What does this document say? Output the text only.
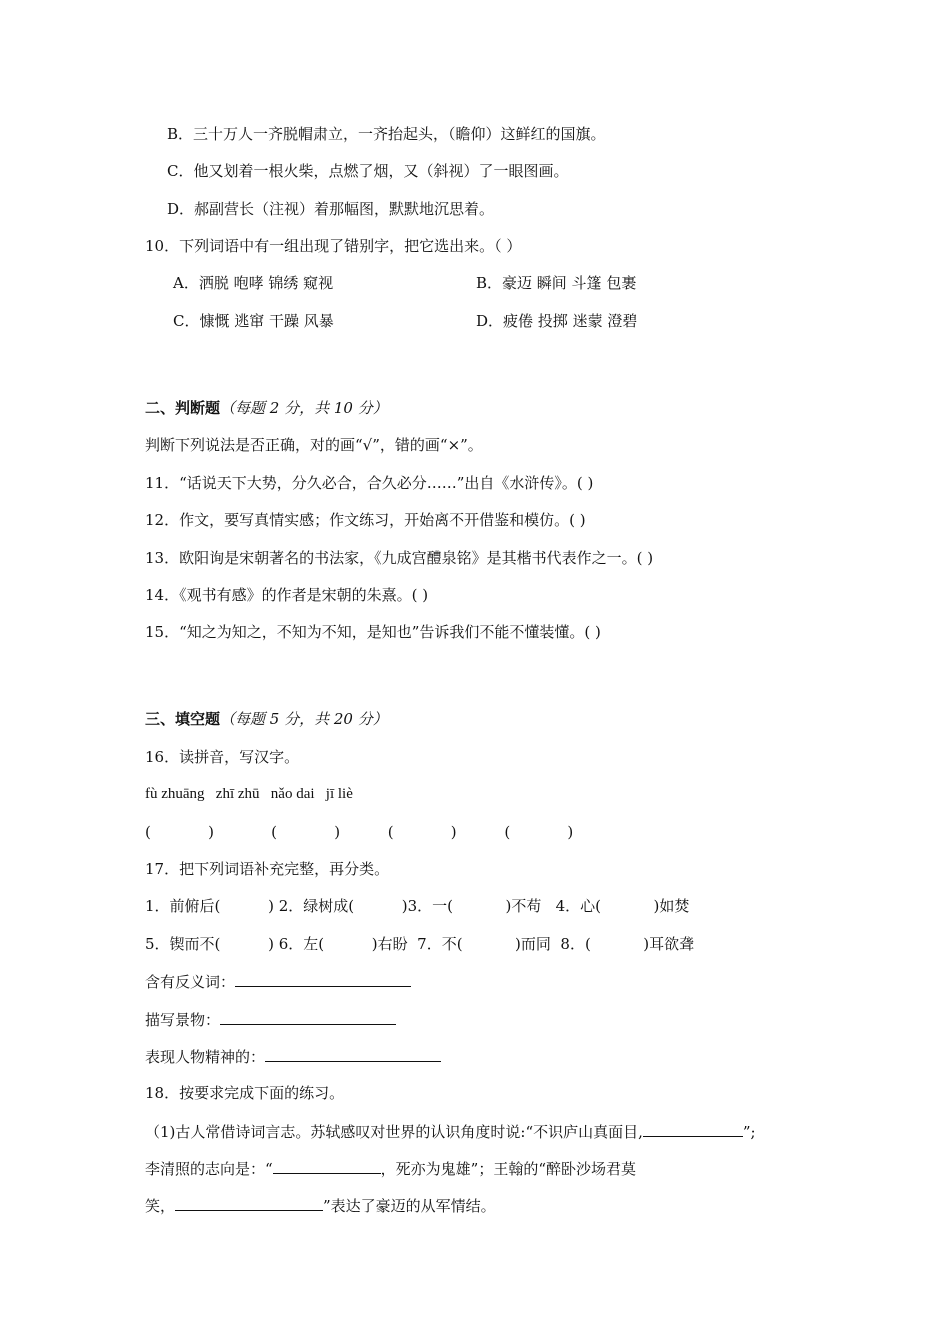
B．三十万人一齐脱帽肃立，一齐抬起头，（瞻仰）这鲜红的国旗。
C．他又划着一根火柴，点燃了烟，又（斜视）了一眼图画。
D．郝副营长（注视）着那幅图，默默地沉思着。
10．下列词语中有一组出现了错别字，把它选出来。（ ）
A．洒脱 咆哮 锦绣 窥视	B．豪迈 瞬间 斗篷 包裹
C．慷慨 逃窜 干躁 风暴	D．疲倦 投掷 迷蒙 澄碧
二、判断题（每题 2 分，共 10 分）
判断下列说法是否正确，对的画“√”，错的画“×”。
11．“话说天下大势，分久必合，合久必分……”出自《水浒传》。( )
12．作文，要写真情实感；作文练习，开始离不开借鉴和模仿。( )
13．欧阳询是宋朝著名的书法家，《九成宫醴泉铭》是其楷书代表作之一。( )
14．《观书有感》的作者是宋朝的朱熹。( )
15．“知之为知之，不知为不知，是知也”告诉我们不能不懂装懂。( )
三、填空题（每题 5 分，共 20 分）
16．读拼音，写汉字。
fù zhuāng   zhī zhū   nǎo dai   jī liè
(            )            (            )          (            )          (            )
17．把下列词语补充完整，再分类。
1．前俯后(          ) 2．绿树成(          )3．一(           )不苟   4．心(           )如焚
5．锲而不(          ) 6．左(          )右盼  7．不(           )而同  8．(           )耳欲聋
含有反义词：
描写景物：
表现人物精神的：
18．按要求完成下面的练习。
（1)古人常借诗词言志。苏轼感叹对世界的认识角度时说:“不识庐山真面目,	”;
李清照的志向是：“	，死亦为鬼雄”；王翰的“醉卧沙场君莫
笑，	”表达了豪迈的从军情结。
